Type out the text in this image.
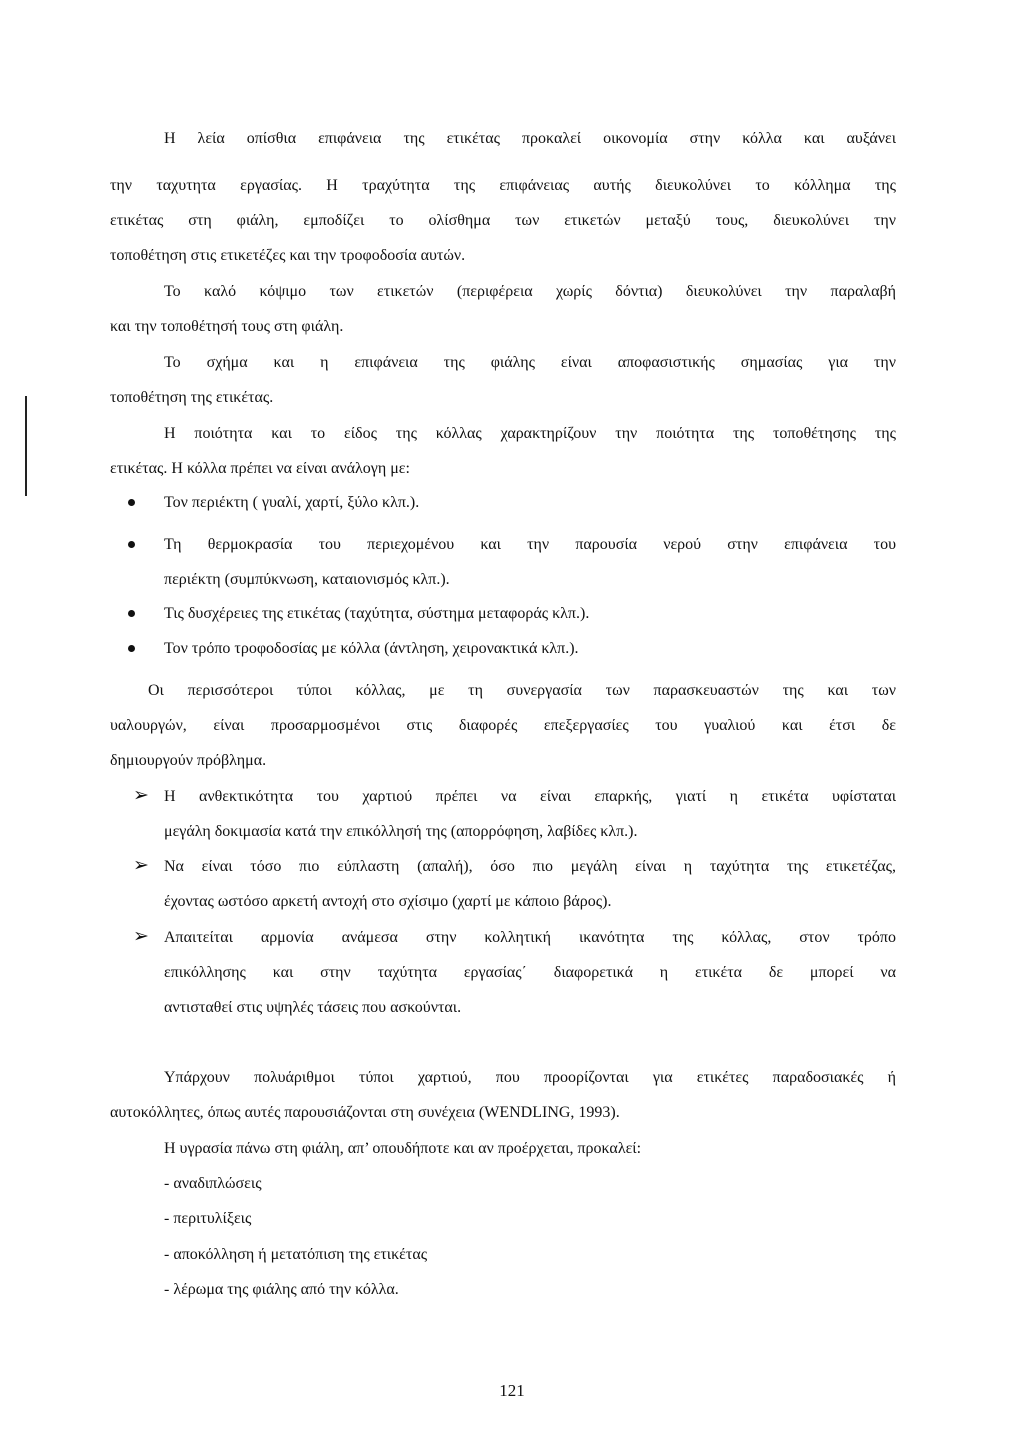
Η λεία οπίσθια επιφάνεια της ετικέτας προκαλεί οικονομία στην κόλλα και αυξάνει
την ταχυτητα εργασίας. Η τραχύτητα της επιφάνειας αυτής διευκολύνει το κόλλημα της
ετικέτας στη φιάλη, εμποδίζει το ολίσθημα των ετικετών μεταξύ τους, διευκολύνει την
τοποθέτηση στις ετικετέζες και την τροφοδοσία αυτών.
Το καλό κόψιμο των ετικετών (περιφέρεια χωρίς δόντια) διευκολύνει την παραλαβή
και την τοποθέτησή τους στη φιάλη.
Το σχήμα και η επιφάνεια της φιάλης είναι αποφασιστικής σημασίας για την
τοποθέτηση της ετικέτας.
Η ποιότητα και το είδος της κόλλας χαρακτηρίζουν την ποιότητα της τοποθέτησης της
ετικέτας. Η κόλλα πρέπει να είναι ανάλογη με:
Τον περιέκτη ( γυαλί, χαρτί, ξύλο κλπ.).
Τη θερμοκρασία του περιεχομένου και την παρουσία νερού στην επιφάνεια του
περιέκτη (συμπύκνωση, καταιονισμός κλπ.).
Τις δυσχέρειες της ετικέτας (ταχύτητα, σύστημα μεταφοράς κλπ.).
Τον τρόπο τροφοδοσίας με κόλλα (άντληση, χειρονακτικά κλπ.).
Οι περισσότεροι τύποι κόλλας, με τη συνεργασία των παρασκευαστών της και των
υαλουργών, είναι προσαρμοσμένοι στις διαφορές επεξεργασίες του γυαλιού και έτσι δε
δημιουργούν πρόβλημα.
➢ Η ανθεκτικότητα του χαρτιού πρέπει να είναι επαρκής, γιατί η ετικέτα υφίσταται
μεγάλη δοκιμασία κατά την επικόλλησή της (απορρόφηση, λαβίδες κλπ.).
➢ Να είναι τόσο πιο εύπλαστη (απαλή), όσο πιο μεγάλη είναι η ταχύτητα της ετικετέζας,
έχοντας ωστόσο αρκετή αντοχή στο σχίσιμο (χαρτί με κάποιο βάρος).
➢ Απαιτείται αρμονία ανάμεσα στην κολλητική ικανότητα της κόλλας, στον τρόπο
επικόλλησης και στην ταχύτητα εργασίας΄ διαφορετικά η ετικέτα δε μπορεί να
αντισταθεί στις υψηλές τάσεις που ασκούνται.
Υπάρχουν πολυάριθμοι τύποι χαρτιού, που προορίζονται για ετικέτες παραδοσιακές ή
αυτοκόλλητες, όπως αυτές παρουσιάζονται στη συνέχεια (WENDLING, 1993).
Η υγρασία πάνω στη φιάλη, απ’ οπουδήποτε και αν προέρχεται, προκαλεί:
- αναδιπλώσεις
- περιτυλίξεις
- αποκόλληση ή μετατόπιση της ετικέτας
- λέρωμα της φιάλης από την κόλλα.
121
